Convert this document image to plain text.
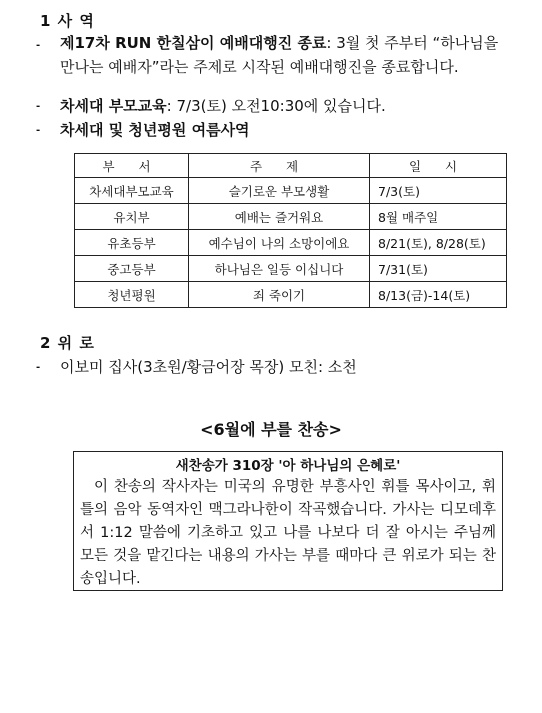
1 사 역
- 제17차 RUN 한칠삼이 예배대행진 종료: 3월 첫 주부터 “하나님을 만나는 예배자”라는 주제로 시작된 예배대행진을 종료합니다.
- 차세대 부모교육: 7/3(토) 오전10:30에 있습니다.
- 차세대 및 청년평원 여름사역
부 서	주 제	일 시
차세대부모교육	슬기로운 부모생활	7/3(토)
유치부	예배는 즐거워요	8월 매주일
유초등부	예수님이 나의 소망이에요	8/21(토), 8/28(토)
중고등부	하나님은 일등 이십니다	7/31(토)
청년평원	죄 죽이기	8/13(금)-14(토)
2 위 로
- 이보미 집사(3초원/황금어장 목장) 모친: 소천
<6월에 부를 찬송>
새찬송가 310장 '아 하나님의 은혜로'
이 찬송의 작사자는 미국의 유명한 부흥사인 휘틀 목사이고, 휘틀의 음악 동역자인 맥그라나한이 작곡했습니다. 가사는 디모데후서 1:12 말씀에 기초하고 있고 나를 나보다 더 잘 아시는 주님께 모든 것을 맡긴다는 내용의 가사는 부를 때마다 큰 위로가 되는 찬송입니다.
